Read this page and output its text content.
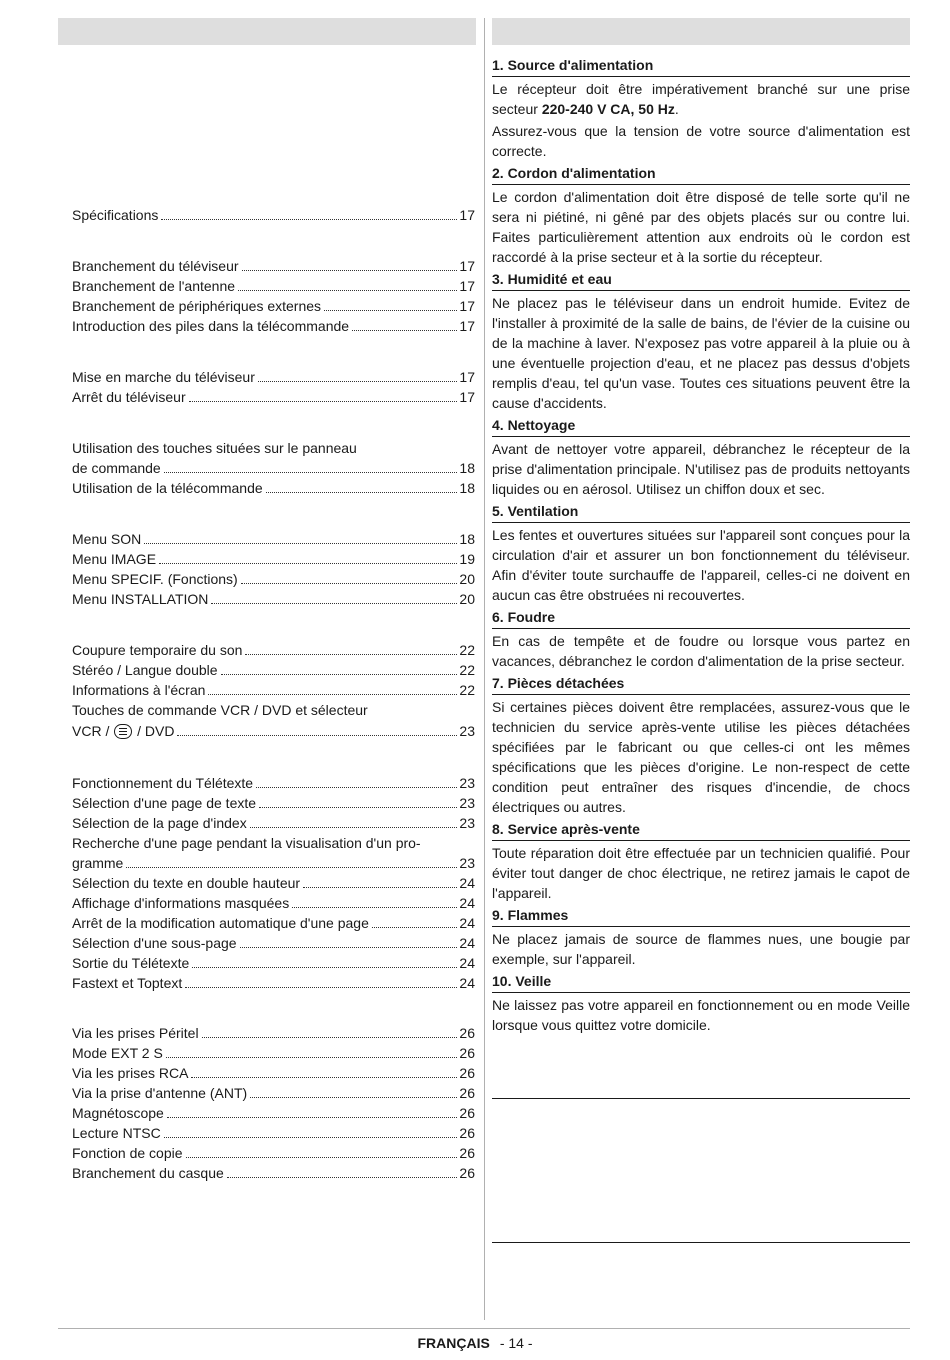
Spécifications	17
Branchement du téléviseur	17
Branchement de l'antenne	17
Branchement de périphériques externes	17
Introduction des piles dans la télécommande	17
Mise en marche du téléviseur	17
Arrêt du téléviseur	17
Utilisation des touches situées sur le panneau
de commande	18
Utilisation de la télécommande	18
Menu SON	18
Menu IMAGE	19
Menu SPECIF. (Fonctions)	20
Menu INSTALLATION	20
Coupure temporaire du son	22
Stéréo / Langue double	22
Informations à l'écran	22
Touches de commande VCR / DVD et sélecteur
VCR / / DVD	23
Fonctionnement du Télétexte	23
Sélection d'une page de texte	23
Sélection de la page d'index	23
Recherche d'une page pendant la visualisation d'un pro-
gramme	23
Sélection du texte en double hauteur	24
Affichage d'informations masquées	24
Arrêt de la modification automatique d'une page	24
Sélection d'une sous-page	24
Sortie du Télétexte	24
Fastext et Toptext	24
Via les prises Péritel	26
Mode EXT 2 S	26
Via les prises RCA	26
Via la prise d'antenne (ANT)	26
Magnétoscope	26
Lecture NTSC	26
Fonction de copie	26
Branchement du casque	26
1. Source d'alimentation

Le récepteur doit être impérativement branché sur une prise secteur 220-240 V CA, 50 Hz.

Assurez-vous que la tension de votre source d'alimentation est correcte.

2. Cordon d'alimentation

Le cordon d'alimentation doit être disposé de telle sorte qu'il ne sera ni piétiné, ni gêné par des objets placés sur ou contre lui. Faites particulièrement attention aux endroits où le cordon est raccordé à la prise secteur et à la sortie du récepteur.

3. Humidité et eau

Ne placez pas le téléviseur dans un endroit humide. Evitez de l'installer à proximité de la salle de bains, de l'évier de la cuisine ou de la machine à laver. N'exposez pas votre appareil à la pluie ou à une éventuelle projection d'eau, et ne placez pas dessus d'objets remplis d'eau, tel qu'un vase. Toutes ces situations peuvent être la cause d'accidents.

4. Nettoyage

Avant de nettoyer votre appareil, débranchez le récepteur de la prise d'alimentation principale. N'utilisez pas de produits nettoyants liquides ou en aérosol. Utilisez un chiffon doux et sec.

5. Ventilation

Les fentes et ouvertures situées sur l'appareil sont conçues pour la circulation d'air et assurer un bon fonctionnement du téléviseur. Afin d'éviter toute surchauffe de l'appareil, celles-ci ne doivent en aucun cas être obstruées ni recouvertes.

6. Foudre

En cas de tempête et de foudre ou lorsque vous partez en vacances, débranchez le cordon d'alimentation de la prise secteur.

7. Pièces détachées

Si certaines pièces doivent être remplacées, assurez-vous que le technicien du service après-vente utilise les pièces détachées spécifiées par le fabricant ou que celles-ci ont les mêmes spécifications que les pièces d'origine. Le non-respect de cette condition peut entraîner des risques d'incendie, de chocs électriques ou autres.

8. Service après-vente

Toute réparation doit être effectuée par un technicien qualifié. Pour éviter tout danger de choc électrique, ne retirez jamais le capot de l'appareil.

9. Flammes

Ne placez jamais de source de flammes nues, une bougie par exemple, sur l'appareil.

10. Veille

Ne laissez pas votre appareil en fonctionnement ou en mode Veille lorsque vous quittez votre domicile.

FRANÇAIS - 14 -
